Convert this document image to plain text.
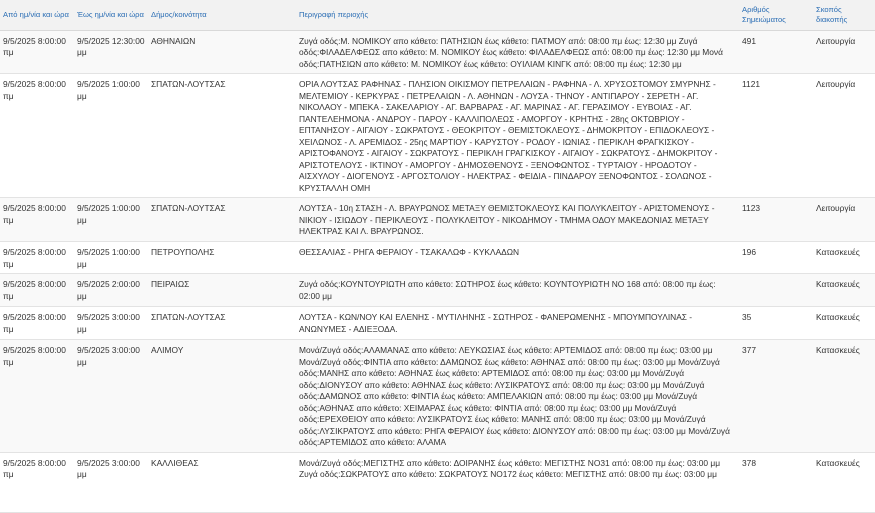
Από ημ/νία και ώρα	Έως ημ/νία και ώρα	Δήμος/κοινότητα	Περιγραφή περιοχής	Αριθμός Σημειώματος	Σκοπός διακοπής
9/5/2025 8:00:00 πμ	9/5/2025 12:30:00 μμ	ΑΘΗΝΑΙΩΝ	Ζυγά οδός:Μ. ΝΟΜΙΚΟΥ απο κάθετο: ΠΑΤΗΣΙΩΝ έως κάθετο: ΠΑΤΜΟΥ από: 08:00 πμ έως: 12:30 μμ Ζυγά οδός:ΦΙΛΑΔΕΛΦΕΩΣ απο κάθετο: Μ. ΝΟΜΙΚΟΥ έως κάθετο: ΦΙΛΑΔΕΛΦΕΩΣ από: 08:00 πμ έως: 12:30 μμ Μονά οδός:ΠΑΤΗΣΙΩΝ απο κάθετο: Μ. ΝΟΜΙΚΟΥ έως κάθετο: ΟΥΙΛΙΑΜ ΚΙΝΓΚ από: 08:00 πμ έως: 12:30 μμ	491	Λειτουργία
9/5/2025 8:00:00 πμ	9/5/2025 1:00:00 μμ	ΣΠΑΤΩΝ-ΛΟΥΤΣΑΣ	ΟΡΙΑ ΛΟΥΤΣΑΣ ΡΑΦΗΝΑΣ - ΠΛΗΣΙΟΝ ΟΙΚΙΣΜΟΥ ΠΕΤΡΕΛΑΙΩΝ - ΡΑΦΗΝΑ - Λ. ΧΡΥΣΟΣΤΟΜΟΥ ΣΜΥΡΝΗΣ - ΜΕΛΤΕΜΙΟΥ - ΚΕΡΚΥΡΑΣ - ΠΕΤΡΕΛΑΙΩΝ - Λ. ΑΘΗΝΩΝ - ΛΟΥΣΑ - ΤΗΝΟΥ - ΑΝΤΙΠΑΡΟΥ - ΣΕΡΕΤΗ - ΑΓ. ΝΙΚΟΛΑΟΥ - ΜΠΕΚΑ - ΣΑΚΕΛΑΡΙΟΥ - ΑΓ. ΒΑΡΒΑΡΑΣ - ΑΓ. ΜΑΡΙΝΑΣ - ΑΓ. ΓΕΡΑΣΙΜΟΥ - ΕΥΒΟΙΑΣ - ΑΓ. ΠΑΝΤΕΛΕΗΜΟΝΑ - ΑΝΔΡΟΥ - ΠΑΡΟΥ - ΚΑΛΛΙΠΟΛΕΩΣ - ΑΜΟΡΓΟΥ - ΚΡΗΤΗΣ - 28ης ΟΚΤΩΒΡΙΟΥ - ΕΠΤΑΝΗΣΟΥ - ΑΙΓΑΙΟΥ - ΣΩΚΡΑΤΟΥΣ - ΘΕΟΚΡΙΤΟΥ - ΘΕΜΙΣΤΟΚΛΕΟΥΣ - ΔΗΜΟΚΡΙΤΟΥ - ΕΠΙΔΟΚΛΕΟΥΣ - ΧΕΙΛΩΝΟΣ - Λ. ΑΡΕΜΙΔΟΣ - 25ης ΜΑΡΤΙΟΥ - ΚΑΡΥΣΤΟΥ - ΡΟΔΟΥ - ΙΩΝΙΑΣ - ΠΕΡΙΚΛΗ ΦΡΑΓΚΙΣΚΟΥ - ΑΡΙΣΤΟΦΑΝΟΥΣ - ΑΙΓΑΙΟΥ - ΣΩΚΡΑΤΟΥΣ - ΠΕΡΙΚΛΗ ΓΡΑΓΚΙΣΚΟΥ - ΑΙΓΑΙΟΥ - ΣΩΚΡΑΤΟΥΣ - ΔΗΜΟΚΡΙΤΟΥ - ΑΡΙΣΤΟΤΕΛΟΥΣ - ΙΚΤΙΝΟΥ - ΑΜΟΡΓΟΥ - ΔΗΜΟΣΘΕΝΟΥΣ - ΞΕΝΟΦΩΝΤΟΣ - ΤΥΡΤΑΙΟΥ - ΗΡΟΔΟΤΟΥ - ΑΙΣΧΥΛΟΥ - ΔΙΟΓΕΝΟΥΣ - ΑΡΓΟΣΤΟΛΙΟΥ - ΗΛΕΚΤΡΑΣ - ΦΕΙΔΙΑ - ΠΙΝΔΑΡΟΥ ΞΕΝΟΦΩΝΤΟΣ - ΣΟΛΩΝΟΣ - ΚΡΥΣΤΑΛΛΗ ΟΜΗ	1121	Λειτουργία
9/5/2025 8:00:00 πμ	9/5/2025 1:00:00 μμ	ΣΠΑΤΩΝ-ΛΟΥΤΣΑΣ	ΛΟΥΤΣΑ - 10η ΣΤΑΣΗ - Λ. ΒΡΑΥΡΩΝΟΣ ΜΕΤΑΞΥ ΘΕΜΙΣΤΟΚΛΕΟΥΣ ΚΑΙ ΠΟΛΥΚΛΕΙΤΟΥ - ΑΡΙΣΤΟΜΕΝΟΥΣ - ΝΙΚΙΟΥ - ΙΣΙΩΔΟΥ - ΠΕΡΙΚΛΕΟΥΣ - ΠΟΛΥΚΛΕΙΤΟΥ - ΝΙΚΟΔΗΜΟΥ - ΤΜΗΜΑ ΟΔΟΥ ΜΑΚΕΔΟΝΙΑΣ ΜΕΤΑΞΥ ΗΛΕΚΤΡΑΣ ΚΑΙ Λ. ΒΡΑΥΡΩΝΟΣ.	1123	Λειτουργία
9/5/2025 8:00:00 πμ	9/5/2025 1:00:00 μμ	ΠΕΤΡΟΥΠΟΛΗΣ	ΘΕΣΣΑΛΙΑΣ - ΡΗΓΑ ΦΕΡΑΙΟΥ - ΤΣΑΚΑΛΩΦ - ΚΥΚΛΑΔΩΝ	196	Κατασκευές
9/5/2025 8:00:00 πμ	9/5/2025 2:00:00 μμ	ΠΕΙΡΑΙΩΣ	Ζυγά οδός:ΚΟΥΝΤΟΥΡΙΩΤΗ απο κάθετο: ΣΩΤΗΡΟΣ έως κάθετο: ΚΟΥΝΤΟΥΡΙΩΤΗ ΝΟ 168 από: 08:00 πμ έως: 02:00 μμ		Κατασκευές
9/5/2025 8:00:00 πμ	9/5/2025 3:00:00 μμ	ΣΠΑΤΩΝ-ΛΟΥΤΣΑΣ	ΛΟΥΤΣΑ - ΚΩΝ/ΝΟΥ ΚΑΙ ΕΛΕΝΗΣ - ΜΥΤΙΛΗΝΗΣ - ΣΩΤΗΡΟΣ - ΦΑΝΕΡΩΜΕΝΗΣ - ΜΠΟΥΜΠΟΥΛΙΝΑΣ - ΑΝΩΝΥΜΕΣ - ΑΔΙΕΞΟΔΑ.	35	Κατασκευές
9/5/2025 8:00:00 πμ	9/5/2025 3:00:00 μμ	ΑΛΙΜΟΥ	Μονά/Ζυγά οδός:ΑΛΑΜΑΝΑΣ απο κάθετο: ΛΕΥΚΩΣΙΑΣ έως κάθετο: ΑΡΤΕΜΙΔΟΣ από: 08:00 πμ έως: 03:00 μμ Μονά/Ζυγά οδός:ΦΙΝΤΙΑ απο κάθετο: ΔΑΜΩΝΟΣ έως κάθετο: ΑΘΗΝΑΣ από: 08:00 πμ έως: 03:00 μμ Μονά/Ζυγά οδός:ΜΑΝΗΣ απο κάθετο: ΑΘΗΝΑΣ έως κάθετο: ΑΡΤΕΜΙΔΟΣ από: 08:00 πμ έως: 03:00 μμ Μονά/Ζυγά οδός:ΔΙΟΝΥΣΟΥ απο κάθετο: ΑΘΗΝΑΣ έως κάθετο: ΛΥΣΙΚΡΑΤΟΥΣ από: 08:00 πμ έως: 03:00 μμ Μονά/Ζυγά οδός:ΔΑΜΩΝΟΣ απο κάθετο: ΦΙΝΤΙΑ έως κάθετο: ΑΜΠΕΛΑΚΙΩΝ από: 08:00 πμ έως: 03:00 μμ Μονά/Ζυγά οδός:ΑΘΗΝΑΣ απο κάθετο: ΧΕΙΜΑΡΑΣ έως κάθετο: ΦΙΝΤΙΑ από: 08:00 πμ έως: 03:00 μμ Μονά/Ζυγά οδός:ΕΡΕΧΘΕΙΟΥ απο κάθετο: ΛΥΣΙΚΡΑΤΟΥΣ έως κάθετο: ΜΑΝΗΣ από: 08:00 πμ έως: 03:00 μμ Μονά/Ζυγά οδός:ΛΥΣΙΚΡΑΤΟΥΣ απο κάθετο: ΡΗΓΑ ΦΕΡΑΙΟΥ έως κάθετο: ΔΙΟΝΥΣΟΥ από: 08:00 πμ έως: 03:00 μμ Μονά/Ζυγά οδός:ΑΡΤΕΜΙΔΟΣ απο κάθετο: ΑΛΑΜΑ	377	Κατασκευές
9/5/2025 8:00:00 πμ	9/5/2025 3:00:00 μμ	ΚΑΛΛΙΘΕΑΣ	Μονά/Ζυγά οδός:ΜΕΓΙΣΤΗΣ απο κάθετο: ΔΟΙΡΑΝΗΣ έως κάθετο: ΜΕΓΙΣΤΗΣ ΝΟ31 από: 08:00 πμ έως: 03:00 μμ Ζυγά οδός:ΣΩΚΡΑΤΟΥΣ απο κάθετο: ΣΩΚΡΑΤΟΥΣ ΝΟ172 έως κάθετο: ΜΕΓΙΣΤΗΣ από: 08:00 πμ έως: 03:00 μμ	378	Κατασκευές
